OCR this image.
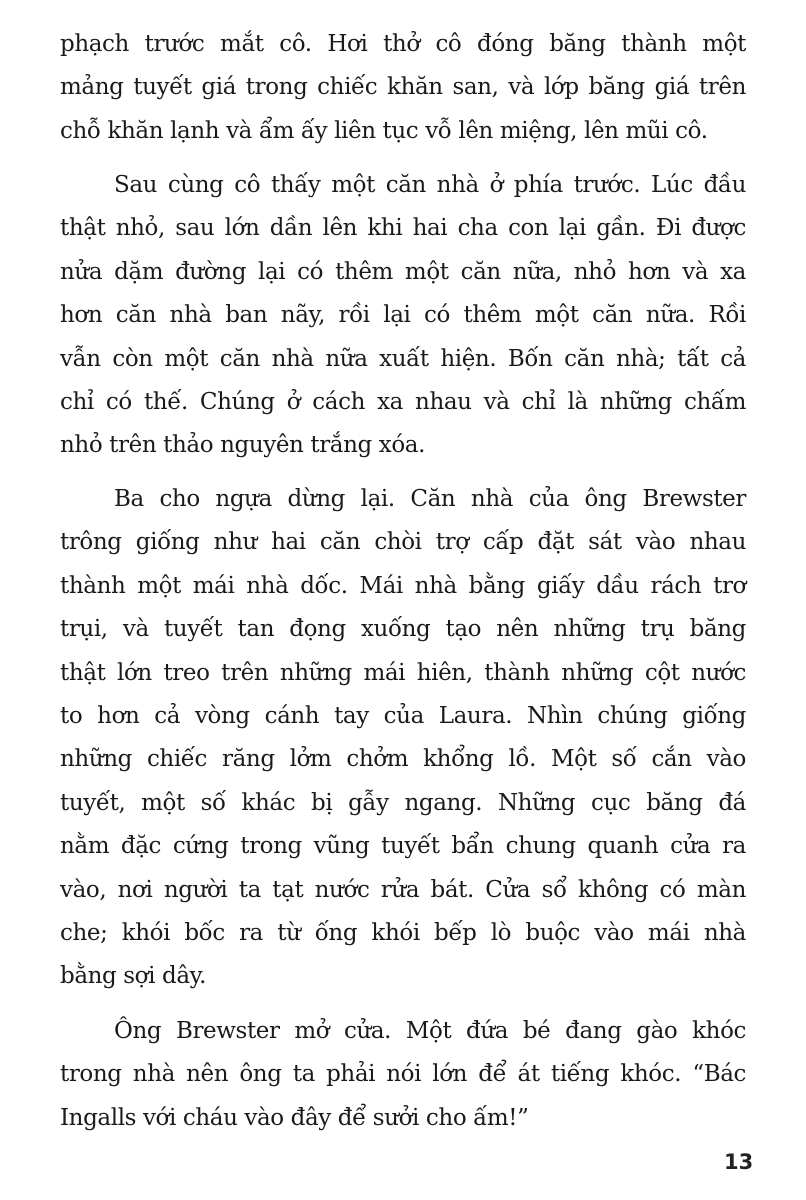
phạch trước mắt cô. Hơi thở cô đóng băng thành một
mảng tuyết giá trong chiếc khăn san, và lớp băng giá trên
chỗ khăn lạnh và ẩm ấy liên tục vỗ lên miệng, lên mũi cô.
Sau cùng cô thấy một căn nhà ở phía trước. Lúc đầu
thật nhỏ, sau lớn dần lên khi hai cha con lại gần. Đi được
nửa dặm đường lại có thêm một căn nữa, nhỏ hơn và xa
hơn căn nhà ban nãy, rồi lại có thêm một căn nữa. Rồi
vẫn còn một căn nhà nữa xuất hiện. Bốn căn nhà; tất cả
chỉ có thế. Chúng ở cách xa nhau và chỉ là những chấm
nhỏ trên thảo nguyên trắng xóa.
Ba cho ngựa dừng lại. Căn nhà của ông Brewster
trông giống như hai căn chòi trợ cấp đặt sát vào nhau
thành một mái nhà dốc. Mái nhà bằng giấy dầu rách trơ
trụi, và tuyết tan đọng xuống tạo nên những trụ băng
thật lớn treo trên những mái hiên, thành những cột nước
to hơn cả vòng cánh tay của Laura. Nhìn chúng giống
những chiếc răng lởm chởm khổng lồ. Một số cắn vào
tuyết, một số khác bị gẫy ngang. Những cục băng đá
nằm đặc cứng trong vũng tuyết bẩn chung quanh cửa ra
vào, nơi người ta tạt nước rửa bát. Cửa sổ không có màn
che; khói bốc ra từ ống khói bếp lò buộc vào mái nhà
bằng sợi dây.
Ông Brewster mở cửa. Một đứa bé đang gào khóc
trong nhà nên ông ta phải nói lớn để át tiếng khóc. “Bác
Ingalls với cháu vào đây để sưởi cho ấm!”
13
